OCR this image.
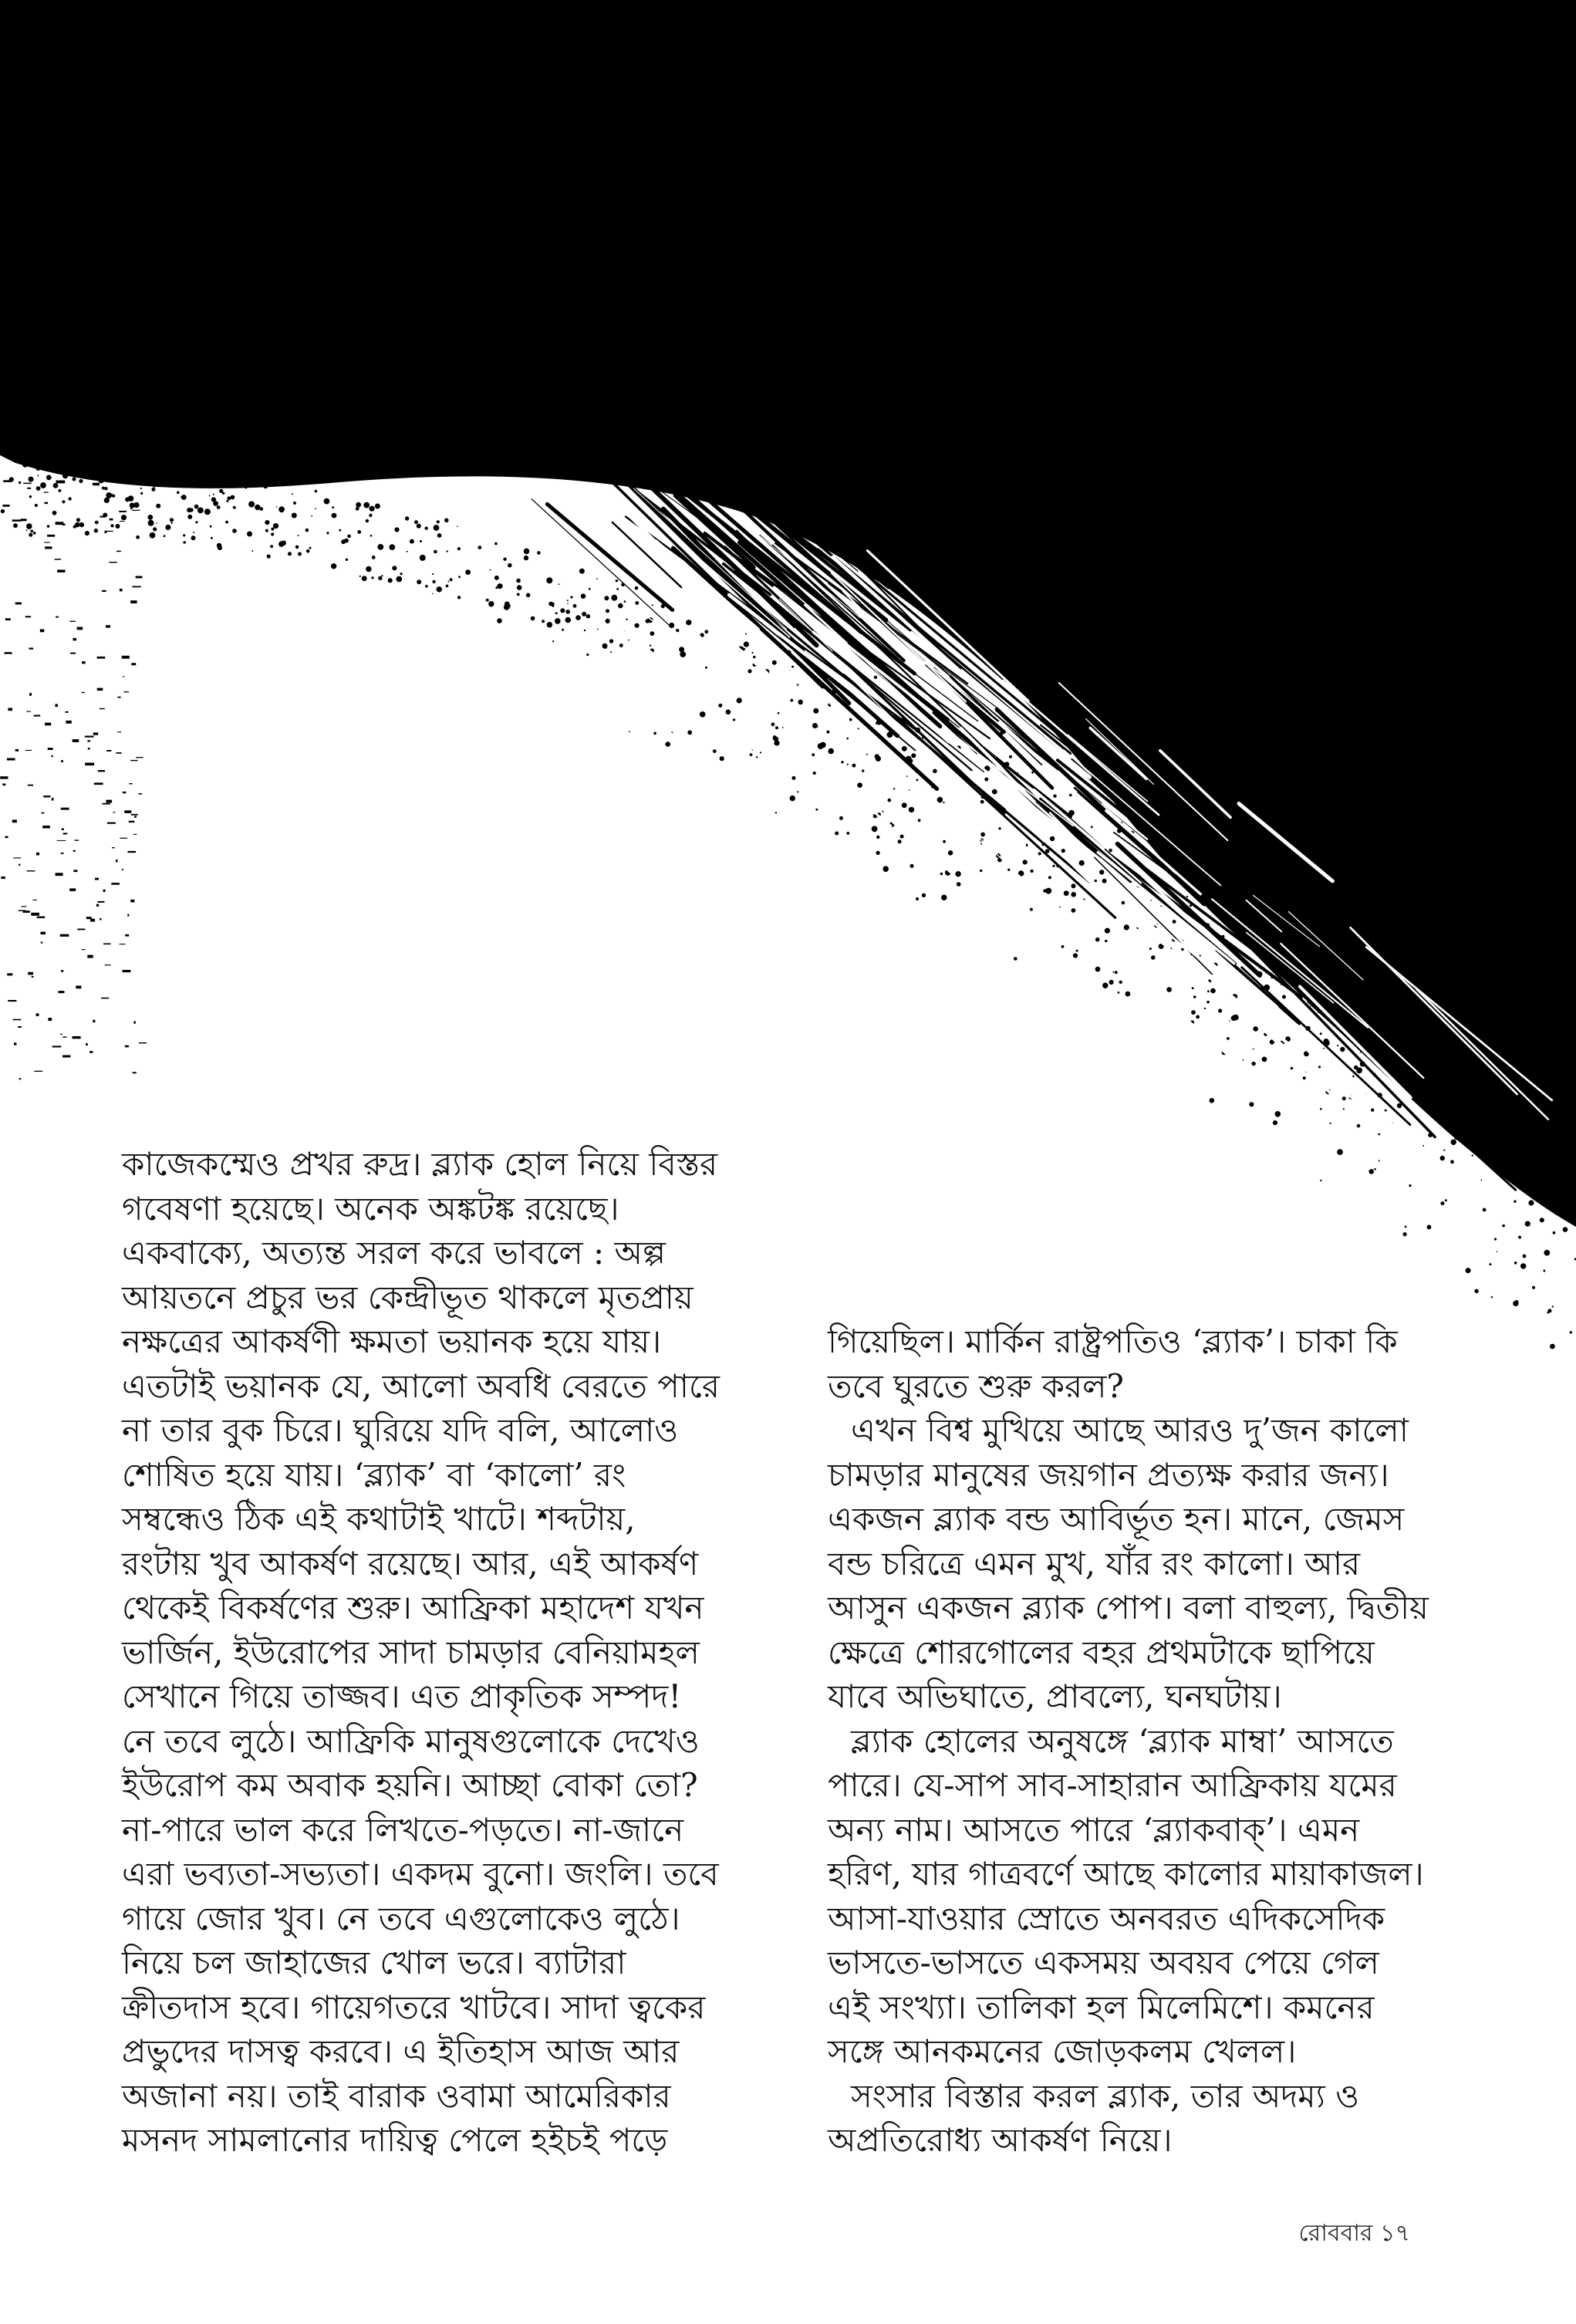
কাজেকম্মেও প্রখর রুদ্র। ব্ল্যাক হোল নিয়ে বিস্তর
গবেষণা হয়েছে। অনেক অঙ্কটঙ্ক রয়েছে।
একবাক্যে, অত্যন্ত সরল করে ভাবলে : অল্প
আয়তনে প্রচুর ভর কেন্দ্রীভূত থাকলে মৃতপ্রায়
নক্ষত্রের আকর্ষণী ক্ষমতা ভয়ানক হয়ে যায়।
এতটাই ভয়ানক যে, আলো অবধি বেরতে পারে
না তার বুক চিরে। ঘুরিয়ে যদি বলি, আলোও
শোষিত হয়ে যায়। ‘ব্ল্যাক’ বা ‘কালো’ রং
সম্বন্ধেও ঠিক এই কথাটাই খাটে। শব্দটায়,
রংটায় খুব আকর্ষণ রয়েছে। আর, এই আকর্ষণ
থেকেই বিকর্ষণের শুরু। আফ্রিকা মহাদেশ যখন
ভার্জিন, ইউরোপের সাদা চামড়ার বেনিয়ামহল
সেখানে গিয়ে তাজ্জব। এত প্রাকৃতিক সম্পদ!
নে তবে লুঠে। আফ্রিকি মানুষগুলোকে দেখেও
ইউরোপ কম অবাক হয়নি। আচ্ছা বোকা তো?
না-পারে ভাল করে লিখতে-পড়তে। না-জানে
এরা ভব্যতা-সভ্যতা। একদম বুনো। জংলি। তবে
গায়ে জোর খুব। নে তবে এগুলোকেও লুঠে।
নিয়ে চল জাহাজের খোল ভরে। ব্যাটারা
ক্রীতদাস হবে। গায়েগতরে খাটবে। সাদা ত্বকের
প্রভুদের দাসত্ব করবে। এ ইতিহাস আজ আর
অজানা নয়। তাই বারাক ওবামা আমেরিকার
মসনদ সামলানোর দায়িত্ব পেলে হইচই পড়ে
গিয়েছিল। মার্কিন রাষ্ট্রপতিও ‘ব্ল্যাক’। চাকা কি
তবে ঘুরতে শুরু করল?
এখন বিশ্ব মুখিয়ে আছে আরও দু’জন কালো
চামড়ার মানুষের জয়গান প্রত্যক্ষ করার জন্য।
একজন ব্ল্যাক বন্ড আবির্ভূত হন। মানে, জেমস
বন্ড চরিত্রে এমন মুখ, যাঁর রং কালো। আর
আসুন একজন ব্ল্যাক পোপ। বলা বাহুল্য, দ্বিতীয়
ক্ষেত্রে শোরগোলের বহর প্রথমটাকে ছাপিয়ে
যাবে অভিঘাতে, প্রাবল্যে, ঘনঘটায়।
ব্ল্যাক হোলের অনুষঙ্গে ‘ব্ল্যাক মাম্বা’ আসতে
পারে। যে-সাপ সাব-সাহারান আফ্রিকায় যমের
অন্য নাম। আসতে পারে ‘ব্ল্যাকবাক্’। এমন
হরিণ, যার গাত্রবর্ণে আছে কালোর মায়াকাজল।
আসা-যাওয়ার স্রোতে অনবরত এদিকসেদিক
ভাসতে-ভাসতে একসময় অবয়ব পেয়ে গেল
এই সংখ্যা। তালিকা হল মিলেমিশে। কমনের
সঙ্গে আনকমনের জোড়কলম খেলল।
সংসার বিস্তার করল ব্ল্যাক, তার অদম্য ও
অপ্রতিরোধ্য আকর্ষণ নিয়ে।
রোববার ১৭
